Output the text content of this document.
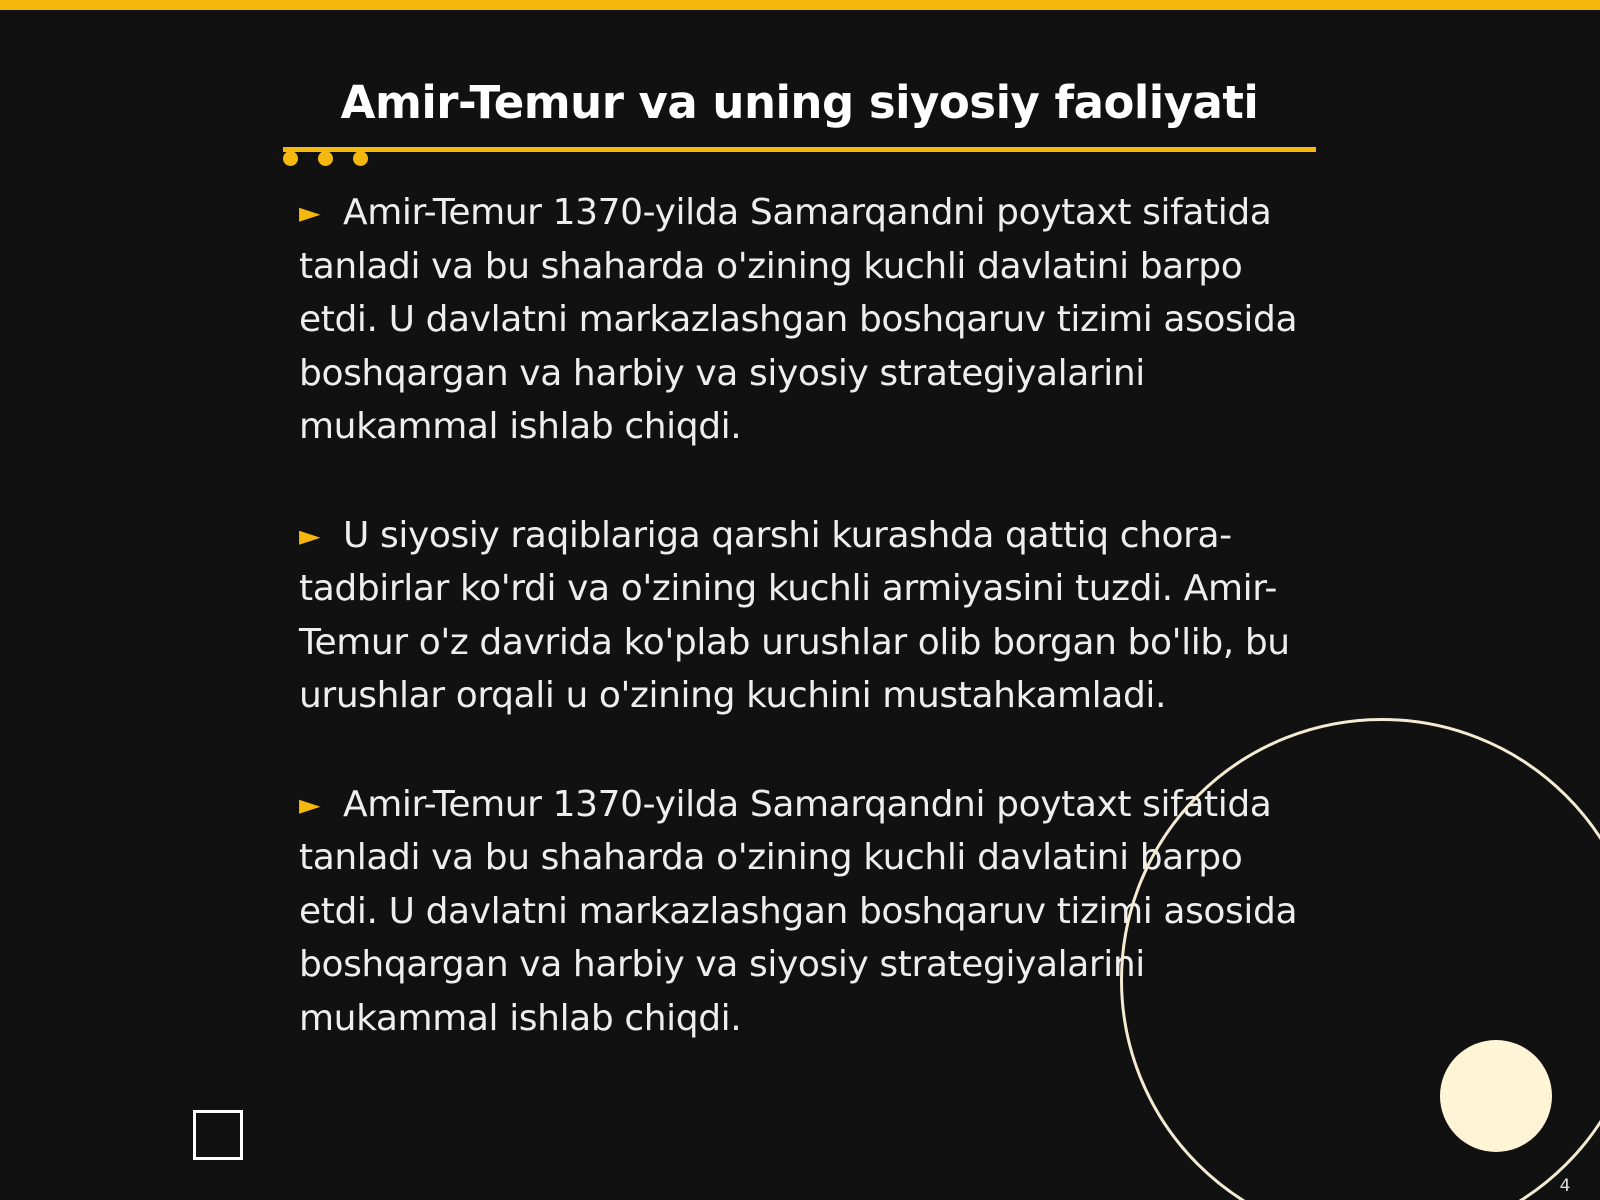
Amir-Temur va uning siyosiy faoliyati

► Amir-Temur 1370-yilda Samarqandni poytaxt sifatida tanladi va bu shaharda o'zining kuchli davlatini barpo etdi. U davlatni markazlashgan boshqaruv tizimi asosida boshqargan va harbiy va siyosiy strategiyalarini mukammal ishlab chiqdi.

► U siyosiy raqiblariga qarshi kurashda qattiq chora-tadbirlar ko'rdi va o'zining kuchli armiyasini tuzdi. Amir-Temur o'z davrida ko'plab urushlar olib borgan bo'lib, bu urushlar orqali u o'zining kuchini mustahkamladi.

► Amir-Temur 1370-yilda Samarqandni poytaxt sifatida tanladi va bu shaharda o'zining kuchli davlatini barpo etdi. U davlatni markazlashgan boshqaruv tizimi asosida boshqargan va harbiy va siyosiy strategiyalarini mukammal ishlab chiqdi.

4
